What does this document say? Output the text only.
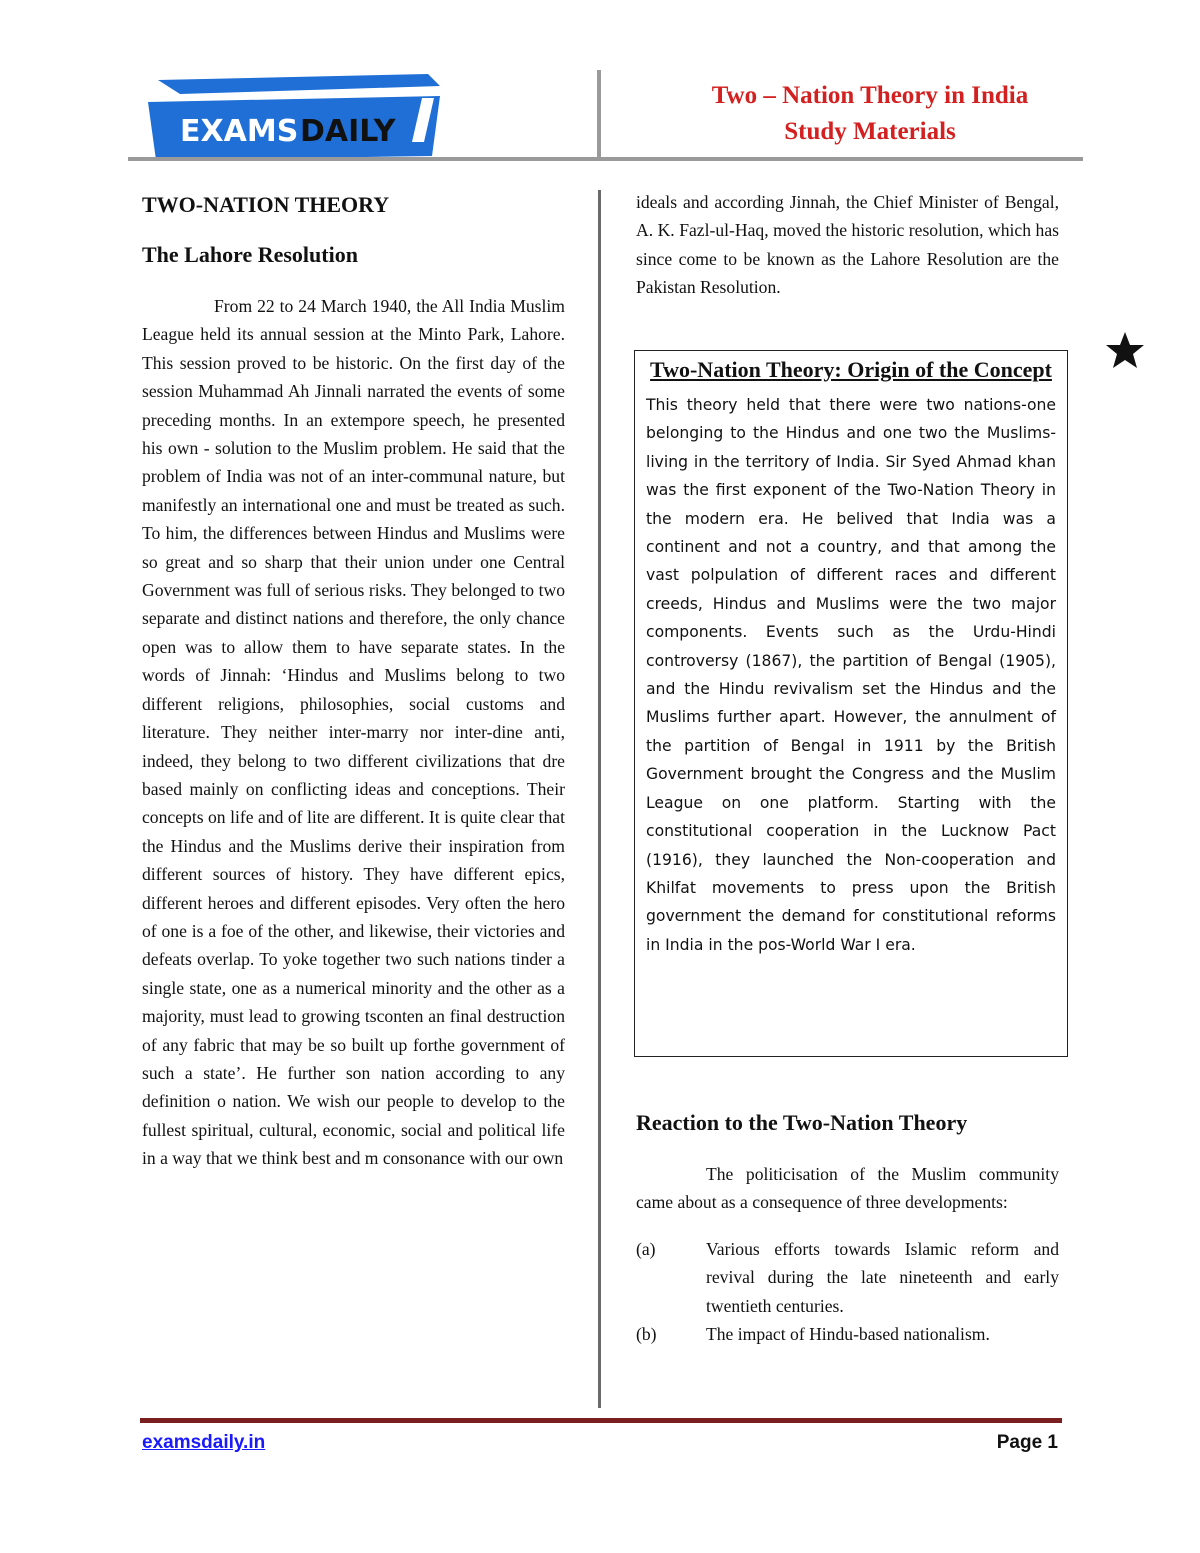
EXAMS DAILY
Two – Nation Theory in India
Study Materials
TWO-NATION THEORY
The Lahore Resolution

From 22 to 24 March 1940, the All India Muslim League held its annual session at the Minto Park, Lahore. This session proved to be historic. On the first day of the session Muhammad Ah Jinnali narrated the events of some preceding months. In an extempore speech, he presented his own - solution to the Muslim problem. He said that the problem of India was not of an inter-communal nature, but manifestly an international one and must be treated as such. To him, the differences between Hindus and Muslims were so great and so sharp that their union under one Central Government was full of serious risks. They belonged to two separate and distinct nations and therefore, the only chance open was to allow them to have separate states. In the words of Jinnah: ‘Hindus and Muslims belong to two different religions, philosophies, social customs and literature. They neither inter-marry nor inter-dine anti, indeed, they belong to two different civilizations that dre based mainly on conflicting ideas and conceptions. Their concepts on life and of lite are different. It is quite clear that the Hindus and the Muslims derive their inspiration from different sources of history. They have different epics, different heroes and different episodes. Very often the hero of one is a foe of the other, and likewise, their victories and defeats overlap. To yoke together two such nations tinder a single state, one as a numerical minority and the other as a majority, must lead to growing tsconten an final destruction of any fabric that may be so built up forthe government of such a state’. He further son nation according to any definition o nation. We wish our people to develop to the fullest spiritual, cultural, economic, social and political life in a way that we think best and m consonance with our own

ideals and according Jinnah, the Chief Minister of Bengal, A. K. Fazl-ul-Haq, moved the historic resolution, which has since come to be known as the Lahore Resolution are the Pakistan Resolution.

Two-Nation Theory: Origin of the Concept

This theory held that there were two nations-one belonging to the Hindus and one two the Muslims-living in the territory of India. Sir Syed Ahmad khan was the first exponent of the Two-Nation Theory in the modern era. He belived that India was a continent and not a country, and that among the vast polpulation of different races and different creeds, Hindus and Muslims were the two major components. Events such as the Urdu-Hindi controversy (1867), the partition of Bengal (1905), and the Hindu revivalism set the Hindus and the Muslims further apart. However, the annulment of the partition of Bengal in 1911 by the British Government brought the Congress and the Muslim League on one platform. Starting with the constitutional cooperation in the Lucknow Pact (1916), they launched the Non-cooperation and Khilfat movements to press upon the British government the demand for constitutional reforms in India in the pos-World War I era.

Reaction to the Two-Nation Theory

The politicisation of the Muslim community came about as a consequence of three developments:

(a)	Various efforts towards Islamic reform and revival during the late nineteenth and early twentieth centuries.
(b)	The impact of Hindu-based nationalism.
examsdaily.in	Page 1
